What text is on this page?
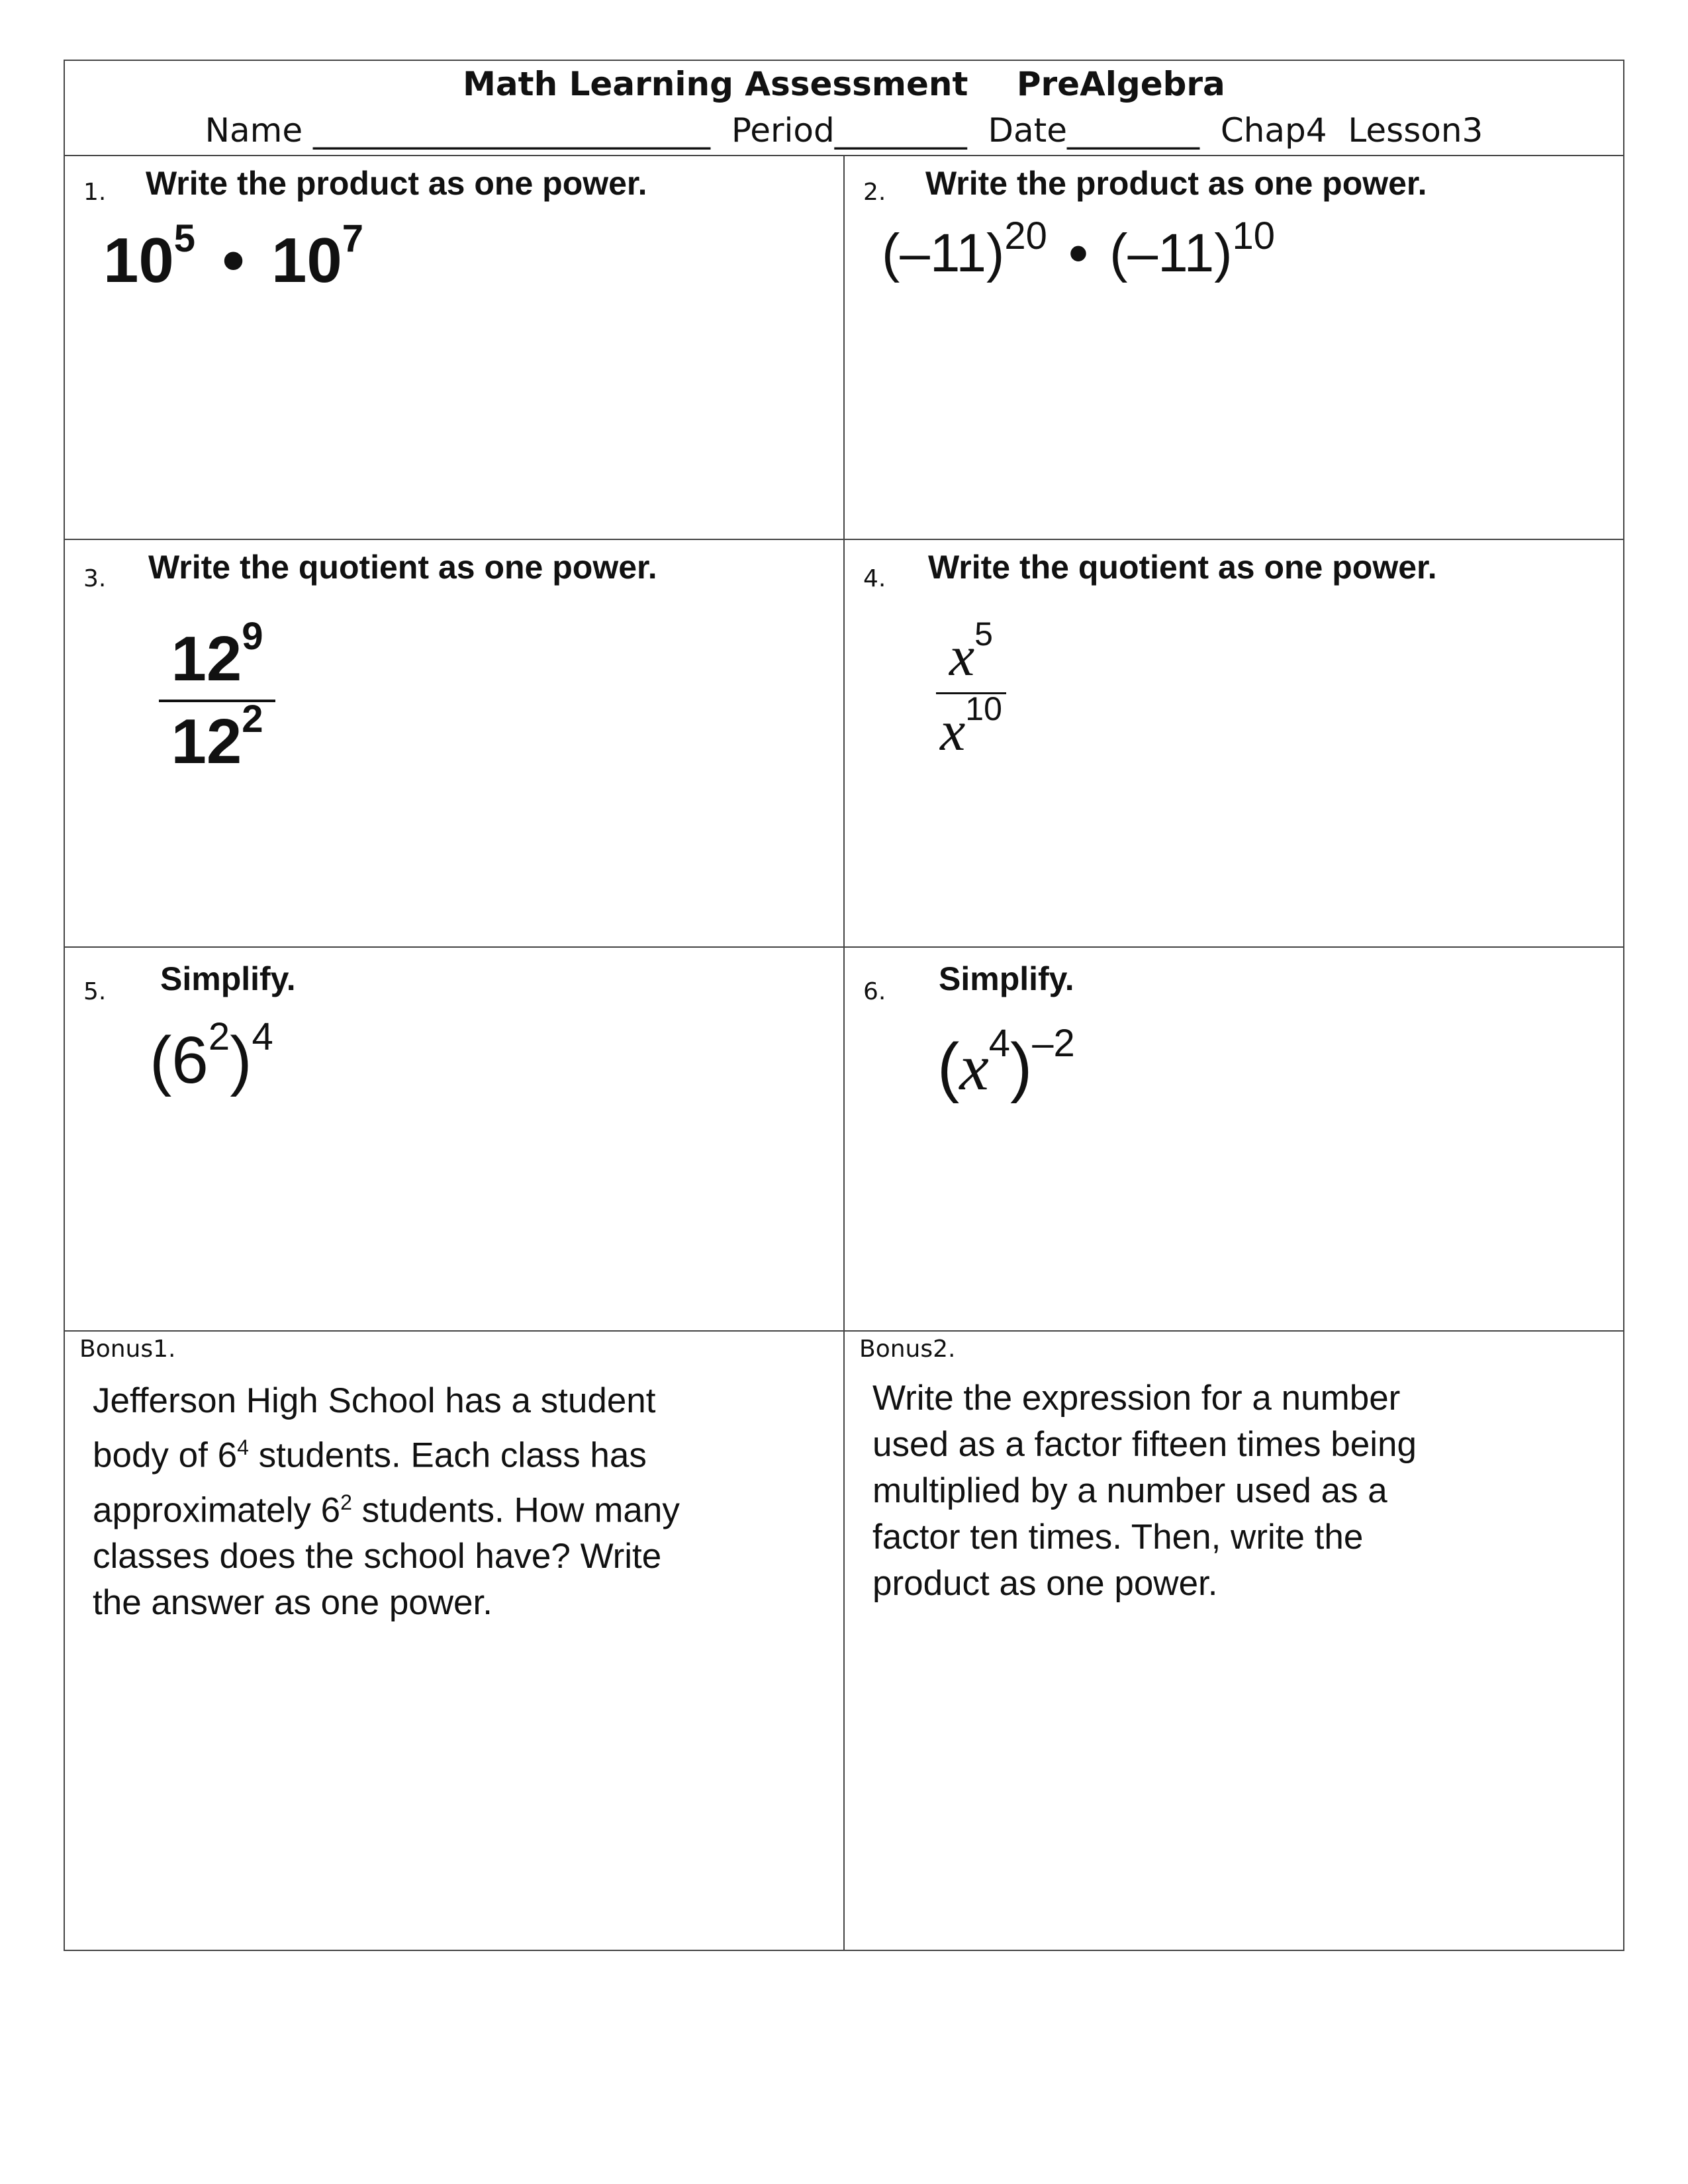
Math Learning Assessment PreAlgebra
Name ________________________  Period________  Date________  Chap4  Lesson3
1. Write the product as one power.
$10^5$ • $10^7$
2. Write the product as one power.
$(-11)^{20}$ • $(-11)^{10}$
3. Write the quotient as one power.
$12^9$
$12^2$
4. Write the quotient as one power.
$x^5$
$x^{10}$
5. Simplify.
$(6^2)^4$
6. Simplify.
$(x^4)^{-2}$
Bonus1.
Jefferson High School has a student
body of $6^4$ students. Each class has
approximately $6^2$ students. How many
classes does the school have? Write
the answer as one power.
Bonus2.
Write the expression for a number
used as a factor fifteen times being
multiplied by a number used as a
factor ten times. Then, write the
product as one power.
